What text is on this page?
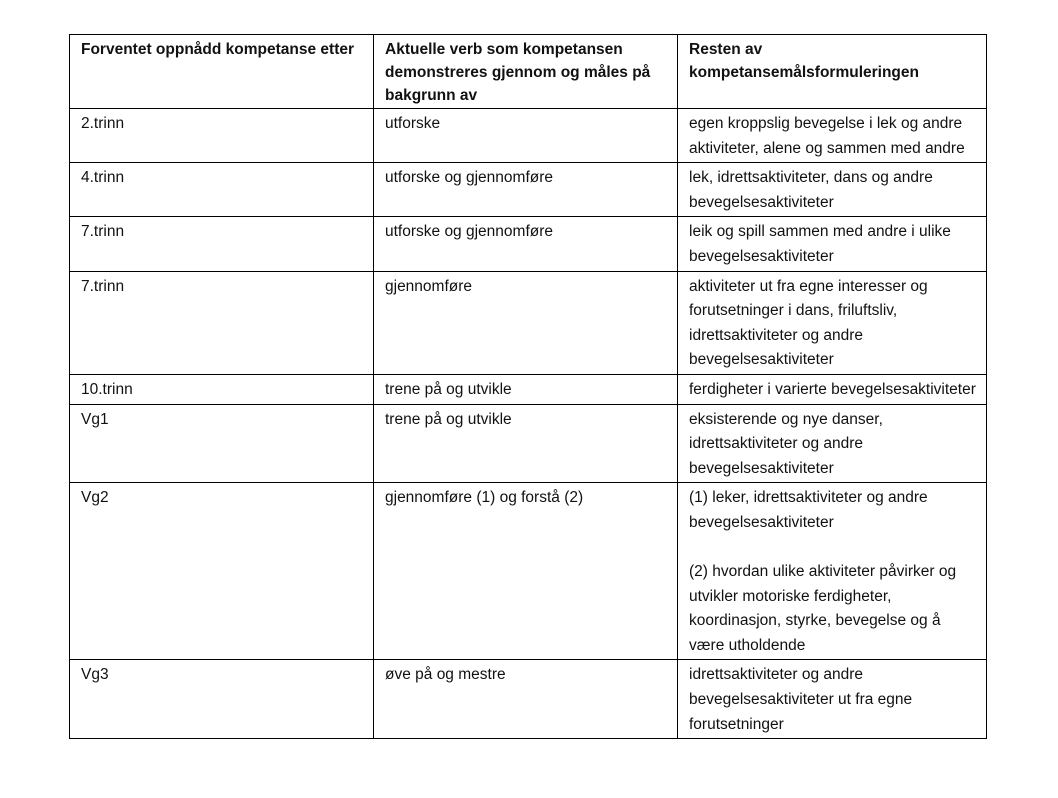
Forventet oppnådd kompetanse etter	Aktuelle verb som kompetansen demonstreres gjennom og måles på bakgrunn av	Resten av kompetansemålsformuleringen
2.trinn	utforske	egen kroppslig bevegelse i lek og andre aktiviteter, alene og sammen med andre

4.trinn	utforske og gjennomføre	lek, idrettsaktiviteter, dans og andre bevegelsesaktiviteter

7.trinn	utforske og gjennomføre	leik og spill sammen med andre i ulike bevegelsesaktiviteter

7.trinn	gjennomføre	aktiviteter ut fra egne interesser og forutsetninger i dans, friluftsliv, idrettsaktiviteter og andre bevegelsesaktiviteter

10.trinn	trene på og utvikle	ferdigheter i varierte bevegelsesaktiviteter

Vg1	trene på og utvikle	eksisterende og nye danser, idrettsaktiviteter og andre bevegelsesaktiviteter

Vg2	gjennomføre (1) og forstå (2)	(1) leker, idrettsaktiviteter og andre bevegelsesaktiviteter
(2) hvordan ulike aktiviteter påvirker og utvikler motoriske ferdigheter, koordinasjon, styrke, bevegelse og å være utholdende

Vg3	øve på og mestre	idrettsaktiviteter og andre bevegelsesaktiviteter ut fra egne forutsetninger
